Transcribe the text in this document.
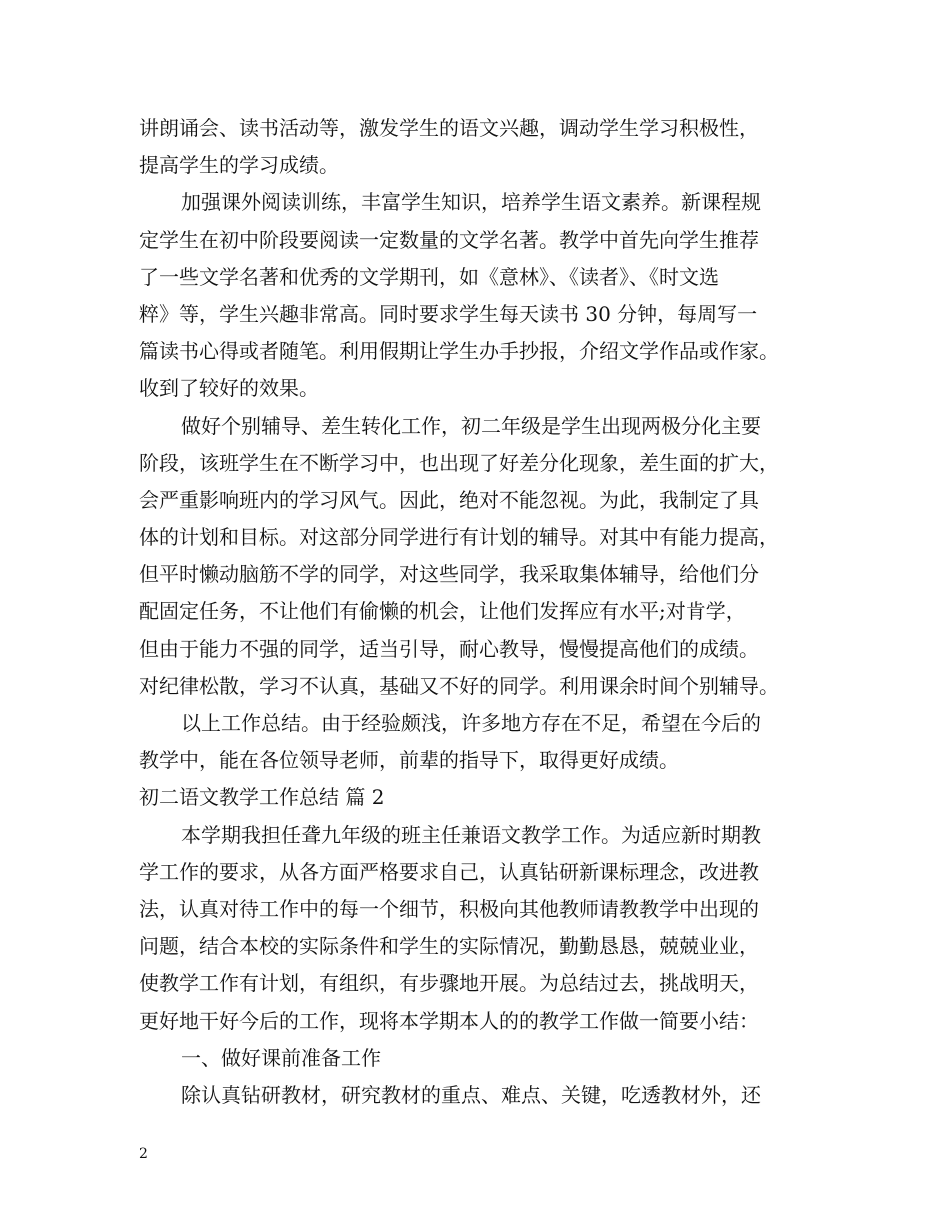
讲朗诵会、读书活动等，激发学生的语文兴趣，调动学生学习积极性，
提高学生的学习成绩。
加强课外阅读训练，丰富学生知识，培养学生语文素养。新课程规
定学生在初中阶段要阅读一定数量的文学名著。教学中首先向学生推荐
了一些文学名著和优秀的文学期刊，如《意林》、《读者》、《时文选
粹》等，学生兴趣非常高。同时要求学生每天读书 30 分钟，每周写一
篇读书心得或者随笔。利用假期让学生办手抄报，介绍文学作品或作家。
收到了较好的效果。
做好个别辅导、差生转化工作，初二年级是学生出现两极分化主要
阶段，该班学生在不断学习中，也出现了好差分化现象，差生面的扩大，
会严重影响班内的学习风气。因此，绝对不能忽视。为此，我制定了具
体的计划和目标。对这部分同学进行有计划的辅导。对其中有能力提高，
但平时懒动脑筋不学的同学，对这些同学，我采取集体辅导，给他们分
配固定任务，不让他们有偷懒的机会，让他们发挥应有水平;对肯学，
但由于能力不强的同学，适当引导，耐心教导，慢慢提高他们的成绩。
对纪律松散，学习不认真，基础又不好的同学。利用课余时间个别辅导。
以上工作总结。由于经验颇浅，许多地方存在不足，希望在今后的
教学中，能在各位领导老师，前辈的指导下，取得更好成绩。
初二语文教学工作总结 篇 2
本学期我担任聋九年级的班主任兼语文教学工作。为适应新时期教
学工作的要求，从各方面严格要求自己，认真钻研新课标理念，改进教
法，认真对待工作中的每一个细节，积极向其他教师请教教学中出现的
问题，结合本校的实际条件和学生的实际情况，勤勤恳恳，兢兢业业，
使教学工作有计划，有组织，有步骤地开展。为总结过去，挑战明天，
更好地干好今后的工作，现将本学期本人的的教学工作做一简要小结：
一、做好课前准备工作
除认真钻研教材，研究教材的重点、难点、关键，吃透教材外，还
2
